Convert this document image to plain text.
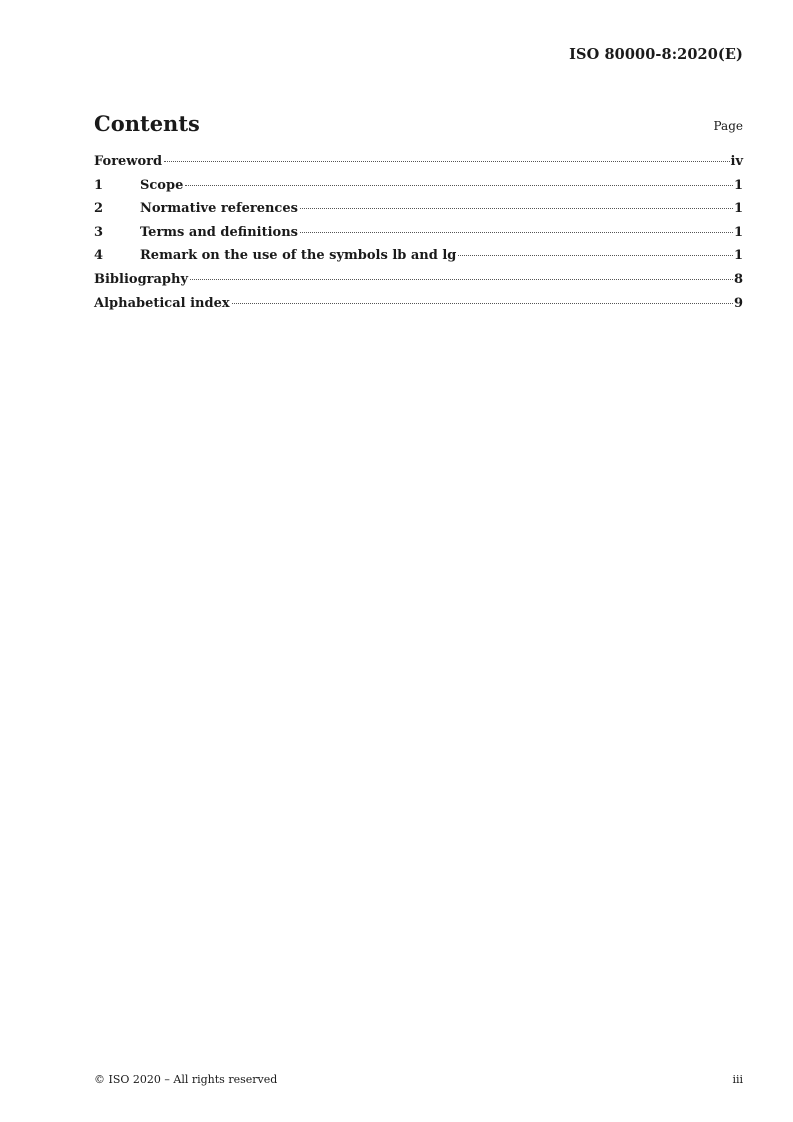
ISO 80000-8:2020(E)
Contents	Page
Foreword	iv
1	Scope	1
2	Normative references	1
3	Terms and definitions	1
4	Remark on the use of the symbols lb and lg	1
Bibliography	8
Alphabetical index	9
© ISO 2020 – All rights reserved	iii
